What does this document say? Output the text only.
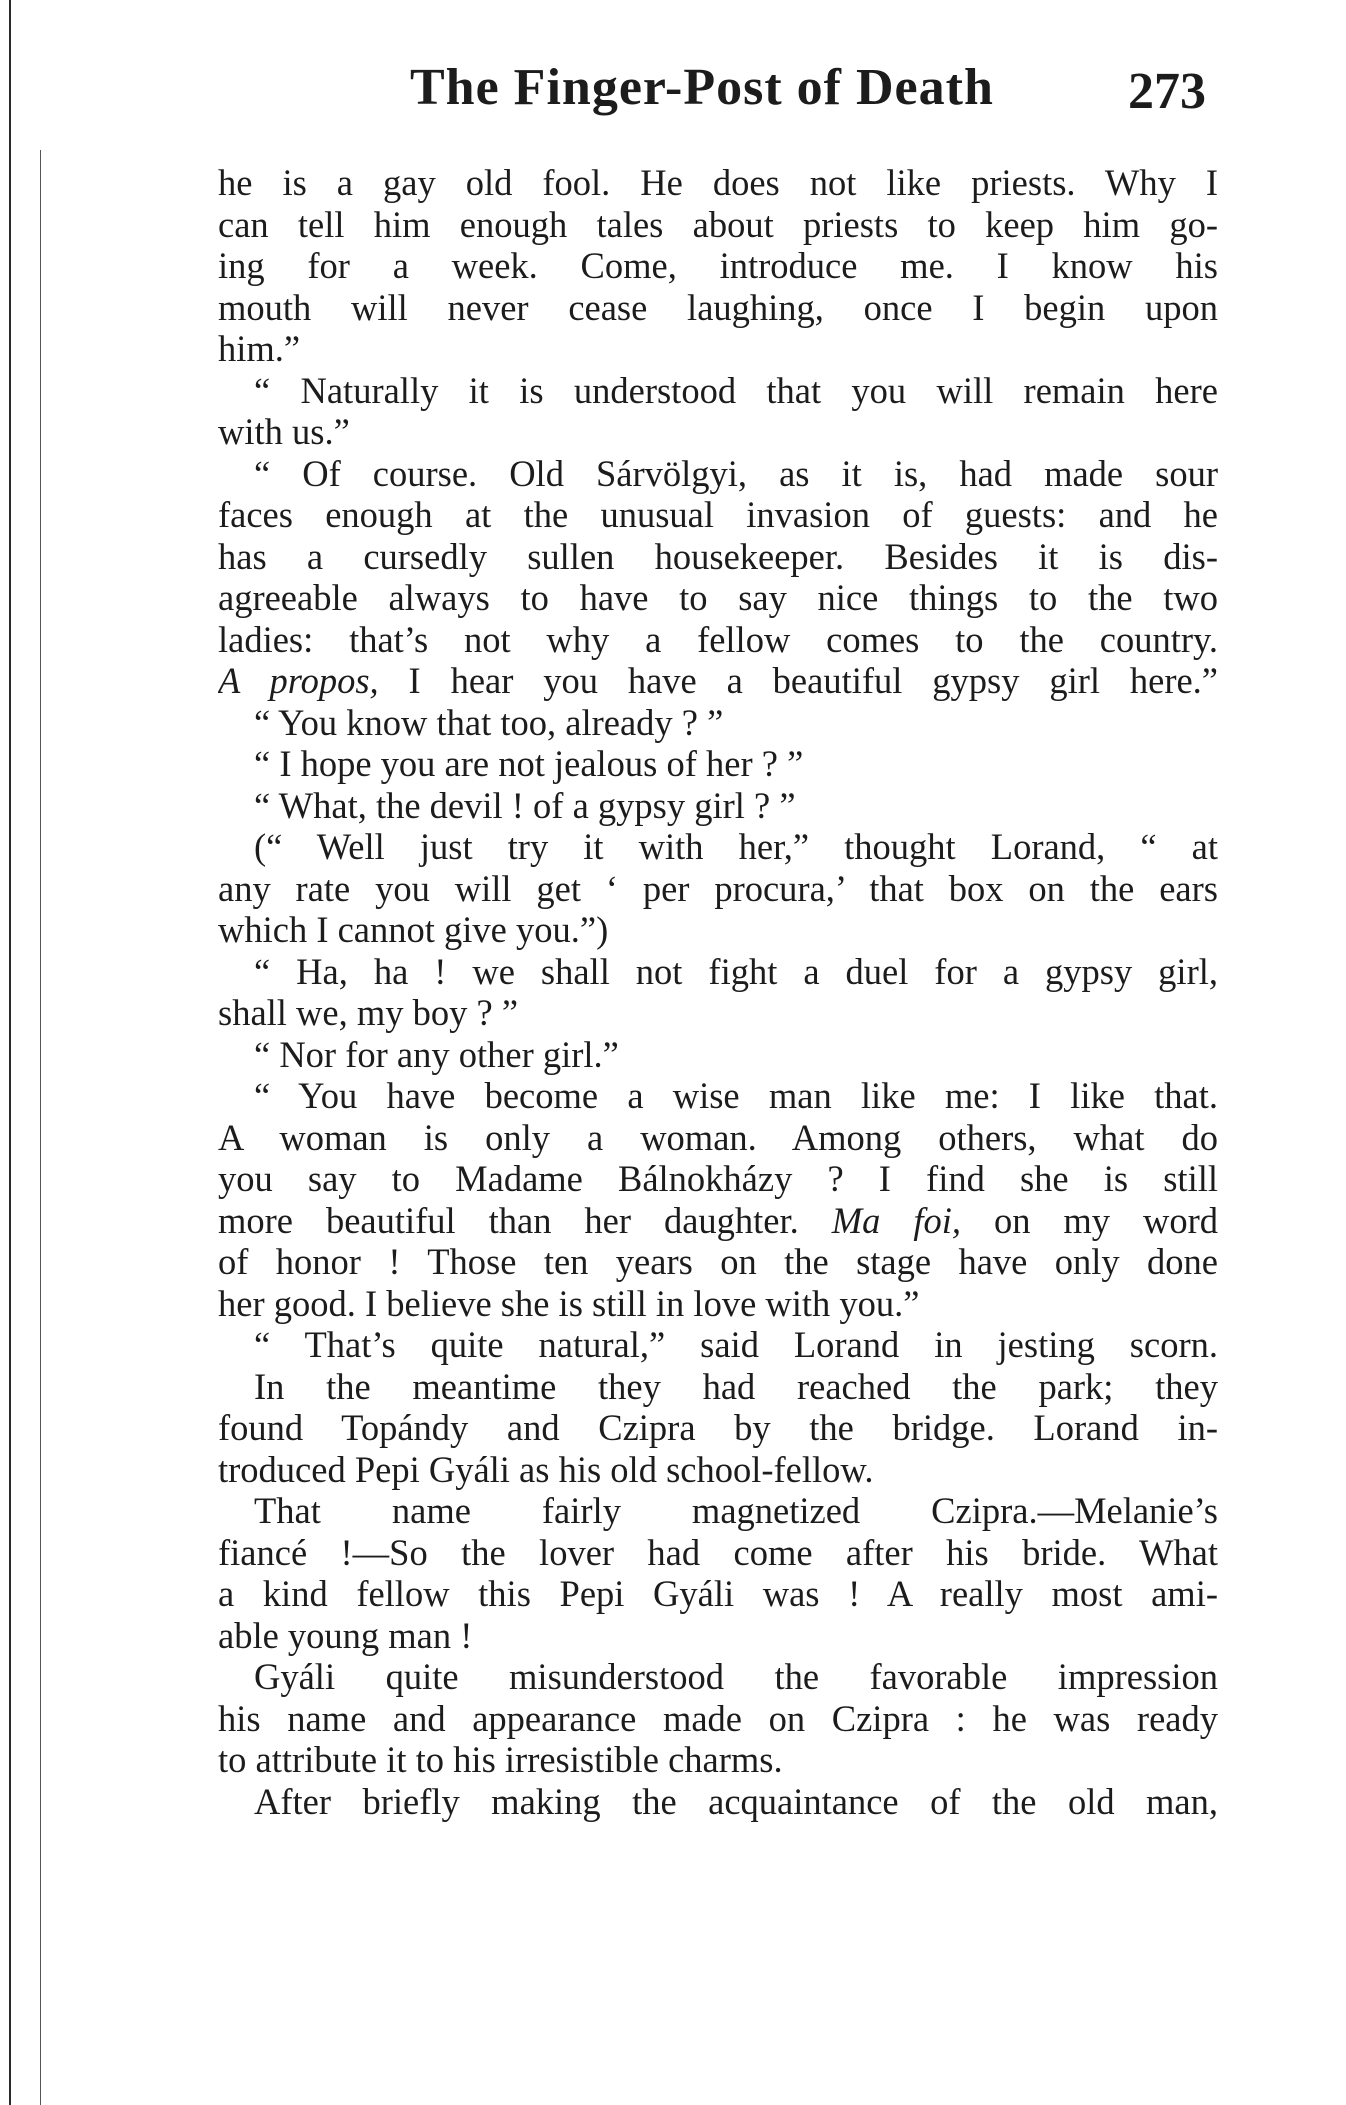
The Finger-Post of Death	273
he is a gay old fool. He does not like priests. Why I
can tell him enough tales about priests to keep him go-
ing for a week. Come, introduce me. I know his
mouth will never cease laughing, once I begin upon
him.”
“ Naturally it is understood that you will remain here
with us.”
“ Of course. Old Sárvölgyi, as it is, had made sour
faces enough at the unusual invasion of guests: and he
has a cursedly sullen housekeeper. Besides it is dis-
agreeable always to have to say nice things to the two
ladies: that’s not why a fellow comes to the country.
A propos, I hear you have a beautiful gypsy girl here.”
“ You know that too, already ? ”
“ I hope you are not jealous of her ? ”
“ What, the devil ! of a gypsy girl ? ”
(“ Well just try it with her,” thought Lorand, “ at
any rate you will get ‘ per procura,’ that box on the ears
which I cannot give you.”)
“ Ha, ha ! we shall not fight a duel for a gypsy girl,
shall we, my boy ? ”
“ Nor for any other girl.”
“ You have become a wise man like me: I like that.
A woman is only a woman. Among others, what do
you say to Madame Bálnokházy ? I find she is still
more beautiful than her daughter. Ma foi, on my word
of honor ! Those ten years on the stage have only done
her good. I believe she is still in love with you.”
“ That’s quite natural,” said Lorand in jesting scorn.
In the meantime they had reached the park; they
found Topándy and Czipra by the bridge. Lorand in-
troduced Pepi Gyáli as his old school-fellow.
That name fairly magnetized Czipra.—Melanie’s
fiancé !—So the lover had come after his bride. What
a kind fellow this Pepi Gyáli was ! A really most ami-
able young man !
Gyáli quite misunderstood the favorable impression
his name and appearance made on Czipra : he was ready
to attribute it to his irresistible charms.
After briefly making the acquaintance of the old man,
